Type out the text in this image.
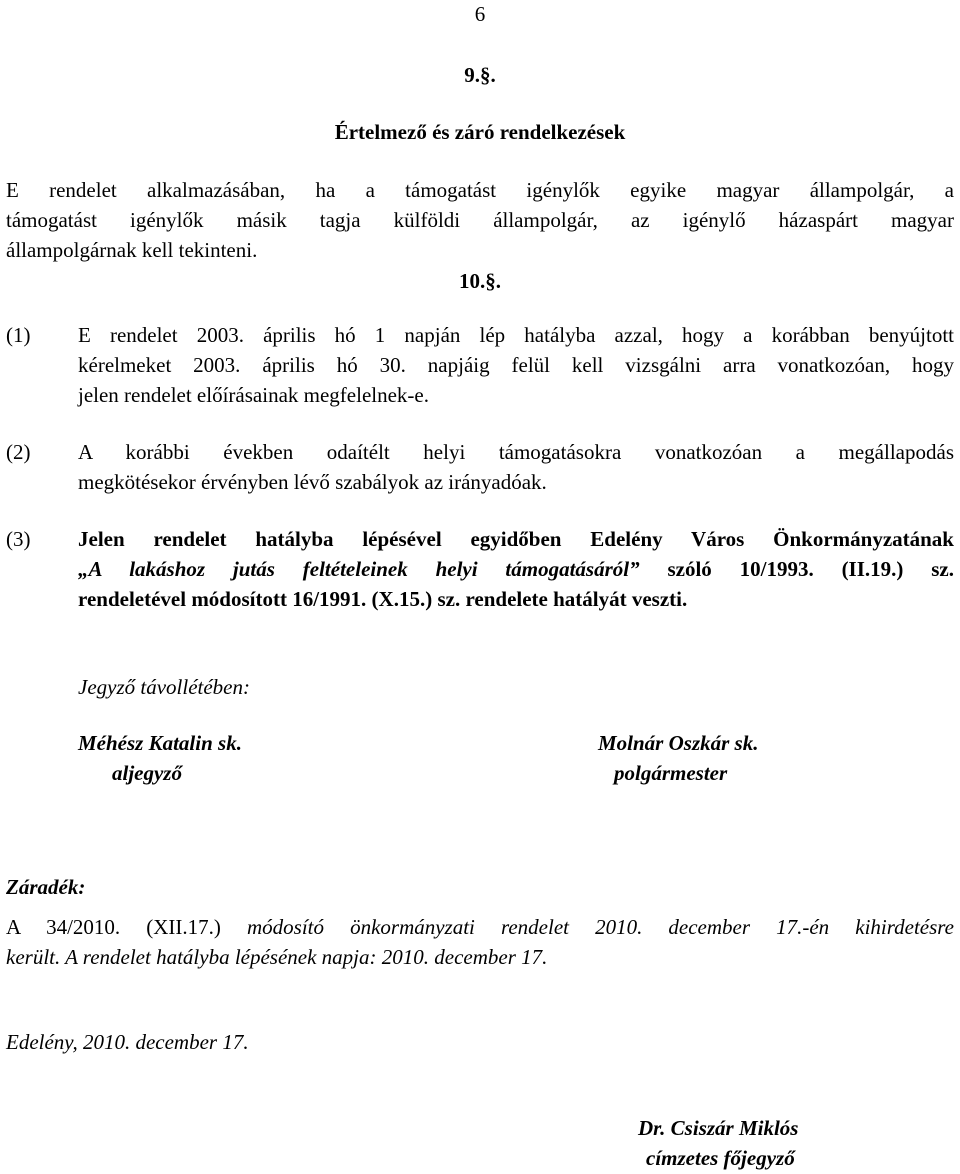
6
9.§.
Értelmező és záró rendelkezések
E rendelet alkalmazásában, ha a támogatást igénylők egyike magyar állampolgár, a
támogatást igénylők másik tagja külföldi állampolgár, az igénylő házaspárt magyar
állampolgárnak kell tekinteni.
10.§.
(1) E rendelet 2003. április hó 1 napján lép hatályba azzal, hogy a korábban benyújtott
kérelmeket 2003. április hó 30. napjáig felül kell vizsgálni arra vonatkozóan, hogy
jelen rendelet előírásainak megfelelnek-e.
(2) A korábbi években odaítélt helyi támogatásokra vonatkozóan a megállapodás
megkötésekor érvényben lévő szabályok az irányadóak.
(3) Jelen rendelet hatályba lépésével egyidőben Edelény Város Önkormányzatának
„A lakáshoz jutás feltételeinek helyi támogatásáról” szóló 10/1993. (II.19.) sz.
rendeletével módosított 16/1991. (X.15.) sz. rendelete hatályát veszti.
Jegyző távollétében:
Méhész Katalin sk.
aljegyző
Molnár Oszkár sk.
polgármester
Záradék:
A 34/2010. (XII.17.) módosító önkormányzati rendelet 2010. december 17.-én kihirdetésre
került. A rendelet hatályba lépésének napja: 2010. december 17.
Edelény, 2010. december 17.
Dr. Csiszár Miklós
címzetes főjegyző
